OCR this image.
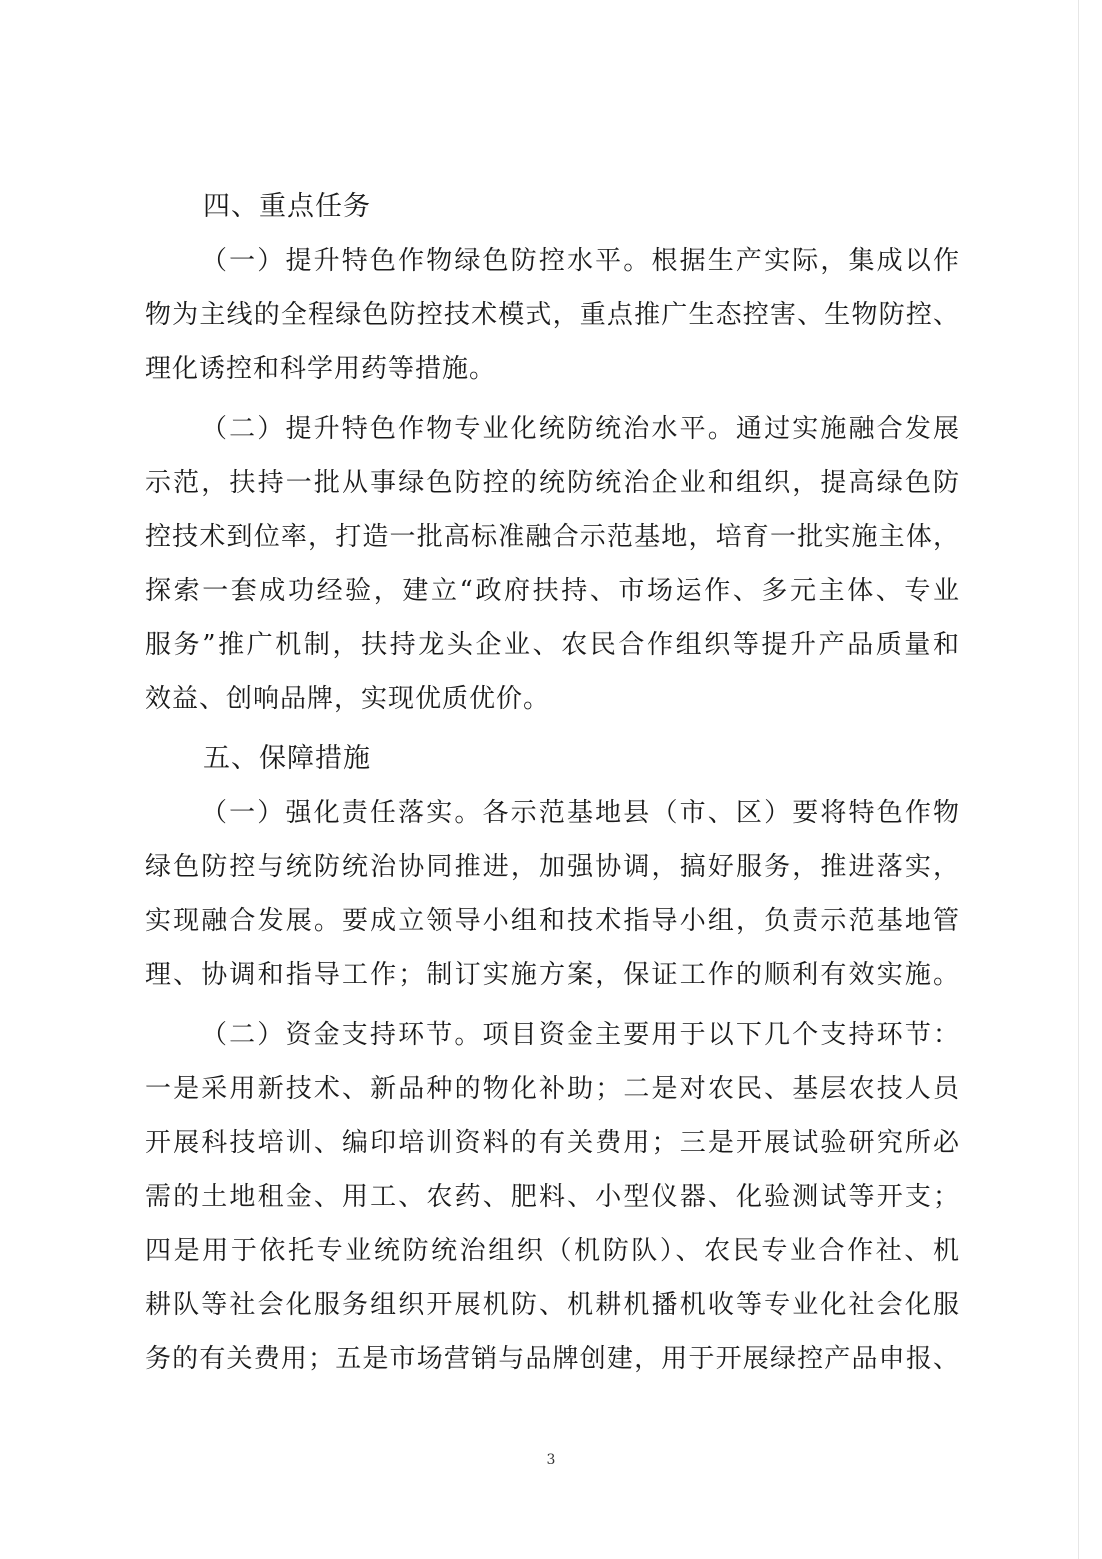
四、重点任务
（一）提升特色作物绿色防控水平。根据生产实际，集成以作
物为主线的全程绿色防控技术模式，重点推广生态控害、生物防控、
理化诱控和科学用药等措施。
（二）提升特色作物专业化统防统治水平。通过实施融合发展
示范，扶持一批从事绿色防控的统防统治企业和组织，提高绿色防
控技术到位率，打造一批高标准融合示范基地，培育一批实施主体，
探索一套成功经验，建立“政府扶持、市场运作、多元主体、专业
服务”推广机制，扶持龙头企业、农民合作组织等提升产品质量和
效益、创响品牌，实现优质优价。
五、保障措施
（一）强化责任落实。各示范基地县（市、区）要将特色作物
绿色防控与统防统治协同推进，加强协调，搞好服务，推进落实，
实现融合发展。要成立领导小组和技术指导小组，负责示范基地管
理、协调和指导工作；制订实施方案，保证工作的顺利有效实施。
（二）资金支持环节。项目资金主要用于以下几个支持环节：
一是采用新技术、新品种的物化补助；二是对农民、基层农技人员
开展科技培训、编印培训资料的有关费用；三是开展试验研究所必
需的土地租金、用工、农药、肥料、小型仪器、化验测试等开支；
四是用于依托专业统防统治组织（机防队）、农民专业合作社、机
耕队等社会化服务组织开展机防、机耕机播机收等专业化社会化服
务的有关费用；五是市场营销与品牌创建，用于开展绿控产品申报、
3
